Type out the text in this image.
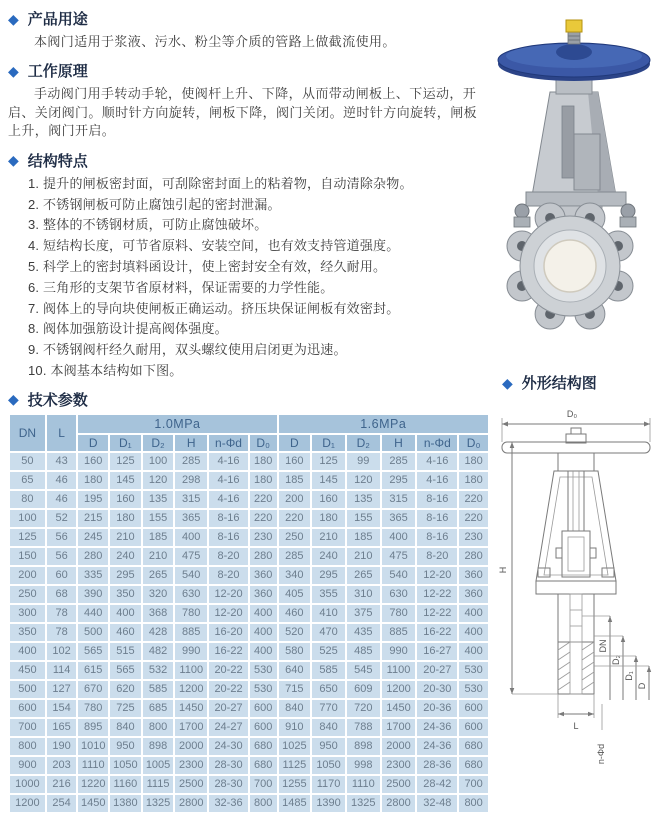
◆ 产品用途

本阀门适用于浆液、污水、粉尘等介质的管路上做截流使用。

◆ 工作原理

手动阀门用手转动手轮，使阀杆上升、下降，从而带动闸板上、下运动，开启、关闭阀门。顺时针方向旋转，闸板下降，阀门关闭。逆时针方向旋转，闸板上升，阀门开启。

◆ 结构特点
1. 提升的闸板密封面，可刮除密封面上的粘着物，自动清除杂物。
2. 不锈钢闸板可防止腐蚀引起的密封泄漏。
3. 整体的不锈钢材质，可防止腐蚀破坏。
4. 短结构长度，可节省原料、安装空间，也有效支持管道强度。
5. 科学上的密封填料函设计，使上密封安全有效，经久耐用。
6. 三角形的支架节省原材料，保证需要的力学性能。
7. 阀体上的导向块使闸板正确运动。挤压块保证闸板有效密封。
8. 阀体加强筋设计提高阀体强度。
9. 不锈钢阀杆经久耐用，双头螺纹使用启闭更为迅速。
10. 本阀基本结构如下图。
◆ 技术参数
DN	L	1.0MPa						1.6MPa					
		D	D₁	D₂	H	n-Φd	D₀	D	D₁	D₂	H	n-Φd	D₀
50	43	160	125	100	285	4-16	180	160	125	99	285	4-16	180
65	46	180	145	120	298	4-16	180	185	145	120	295	4-16	180
80	46	195	160	135	315	4-16	220	200	160	135	315	8-16	220
100	52	215	180	155	365	8-16	220	220	180	155	365	8-16	220
125	56	245	210	185	400	8-16	230	250	210	185	400	8-16	230
150	56	280	240	210	475	8-20	280	285	240	210	475	8-20	280
200	60	335	295	265	540	8-20	360	340	295	265	540	12-20	360
250	68	390	350	320	630	12-20	360	405	355	310	630	12-22	360
300	78	440	400	368	780	12-20	400	460	410	375	780	12-22	400
350	78	500	460	428	885	16-20	400	520	470	435	885	16-22	400
400	102	565	515	482	990	16-22	400	580	525	485	990	16-27	400
450	114	615	565	532	1100	20-22	530	640	585	545	1100	20-27	530
500	127	670	620	585	1200	20-22	530	715	650	609	1200	20-30	530
600	154	780	725	685	1450	20-27	600	840	770	720	1450	20-36	600
700	165	895	840	800	1700	24-27	600	910	840	788	1700	24-36	600
800	190	1010	950	898	2000	24-30	680	1025	950	898	2000	24-36	680
900	203	1110	1050	1005	2300	28-30	680	1125	1050	998	2300	28-36	680
1000	216	1220	1160	1115	2500	28-30	700	1255	1170	1110	2500	28-42	700
1200	254	1450	1380	1325	2800	32-36	800	1485	1390	1325	2800	32-48	800
◆ 外形结构图
D₀
H
DN
D₂
D₁
D
L
n-Φd
